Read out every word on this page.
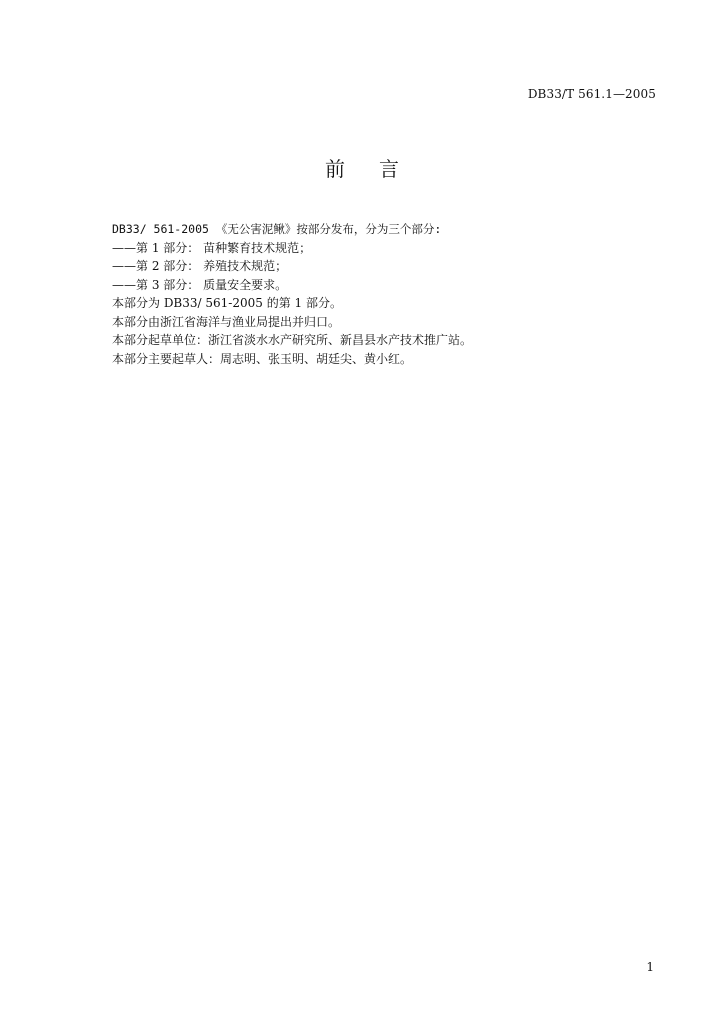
DB33/T 561.1—2005
前 言
DB33/ 561-2005 《无公害泥鳅》按部分发布，分为三个部分:
——第 1 部分： 苗种繁育技术规范；
——第 2 部分： 养殖技术规范；
——第 3 部分： 质量安全要求。
本部分为 DB33/ 561-2005 的第 1 部分。
本部分由浙江省海洋与渔业局提出并归口。
本部分起草单位：浙江省淡水水产研究所、新昌县水产技术推广站。
本部分主要起草人：周志明、张玉明、胡廷尖、黄小红。
1
